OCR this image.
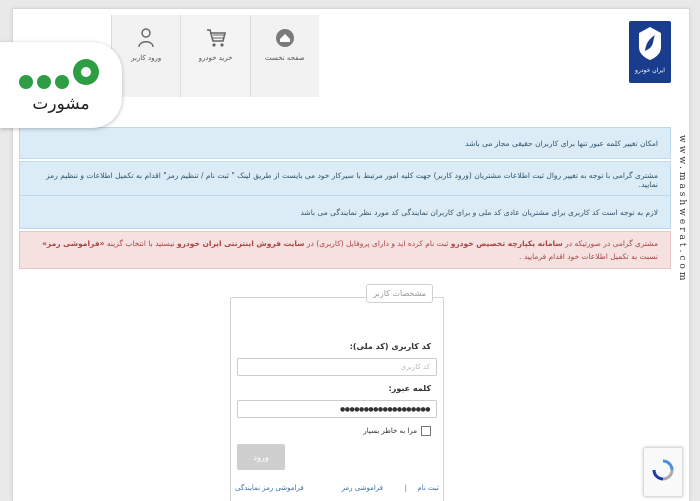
صفحه نخست
خرید خودرو
ورود کاربر
ایران خودرو
امکان تغییر کلمه عبور تنها برای کاربران حقیقی مجاز می باشد
مشتری گرامی با توجه به تغییر روال ثبت اطلاعات مشتریان (ورود کاربر) جهت کلیه امور مرتبط با سیرکار خود می بایست از طریق لینک " ثبت نام / تنظیم رمز" اقدام به تکمیل اطلاعات و تنظیم رمز نمایید.
لازم به توجه است کد کاربری برای مشتریان عادی کد ملی و برای کاربران نمایندگی کد مورد نظر نمایندگی می باشد
مشتری گرامی در صورتیکه در سامانه یکپارچه تخصیص خودرو ثبت نام کرده اید و دارای پروفایل (کاربری) در سایت فروش اینترنتی ایران خودرو نیستید با انتخاب گزینه «فراموشی رمز» نسبت به تکمیل اطلاعات خود اقدام فرمایید .
مشخصات کاربر
کد کاربری (کد ملی):
کد کاربری
کلمه عبور:
●●●●●●●●●●●●●●●●●●●
مرا به خاطر بسپار
ورود
ثبت نام
|
فراموشی رمز
فراموشی رمز نمایندگی
www.mashwerat.com
مشورت
